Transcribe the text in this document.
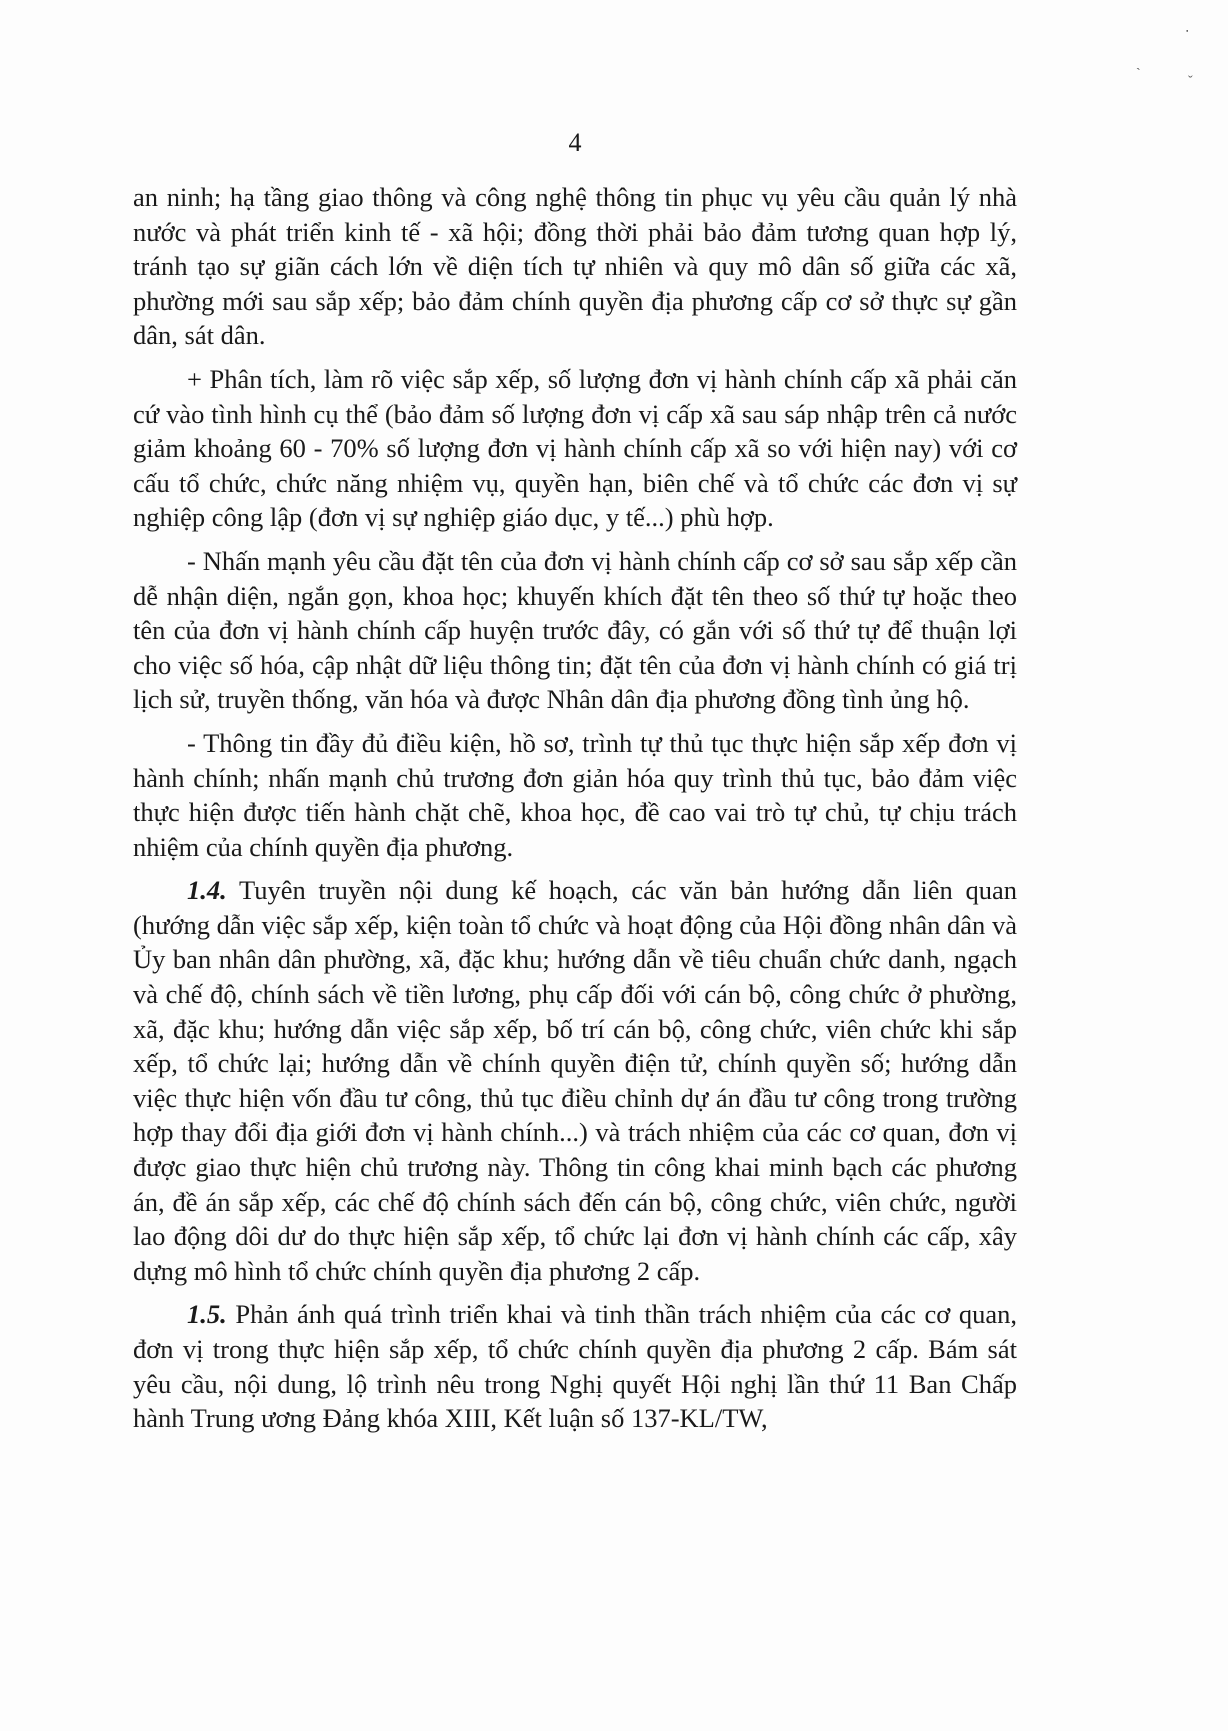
‧
ˏ
ˇ
4

an ninh; hạ tầng giao thông và công nghệ thông tin phục vụ yêu cầu quản lý nhà nước và phát triển kinh tế - xã hội; đồng thời phải bảo đảm tương quan hợp lý, tránh tạo sự giãn cách lớn về diện tích tự nhiên và quy mô dân số giữa các xã, phường mới sau sắp xếp; bảo đảm chính quyền địa phương cấp cơ sở thực sự gần dân, sát dân.

+ Phân tích, làm rõ việc sắp xếp, số lượng đơn vị hành chính cấp xã phải căn cứ vào tình hình cụ thể (bảo đảm số lượng đơn vị cấp xã sau sáp nhập trên cả nước giảm khoảng 60 - 70% số lượng đơn vị hành chính cấp xã so với hiện nay) với cơ cấu tổ chức, chức năng nhiệm vụ, quyền hạn, biên chế và tổ chức các đơn vị sự nghiệp công lập (đơn vị sự nghiệp giáo dục, y tế...) phù hợp.

- Nhấn mạnh yêu cầu đặt tên của đơn vị hành chính cấp cơ sở sau sắp xếp cần dễ nhận diện, ngắn gọn, khoa học; khuyến khích đặt tên theo số thứ tự hoặc theo tên của đơn vị hành chính cấp huyện trước đây, có gắn với số thứ tự để thuận lợi cho việc số hóa, cập nhật dữ liệu thông tin; đặt tên của đơn vị hành chính có giá trị lịch sử, truyền thống, văn hóa và được Nhân dân địa phương đồng tình ủng hộ.

- Thông tin đầy đủ điều kiện, hồ sơ, trình tự thủ tục thực hiện sắp xếp đơn vị hành chính; nhấn mạnh chủ trương đơn giản hóa quy trình thủ tục, bảo đảm việc thực hiện được tiến hành chặt chẽ, khoa học, đề cao vai trò tự chủ, tự chịu trách nhiệm của chính quyền địa phương.

1.4. Tuyên truyền nội dung kế hoạch, các văn bản hướng dẫn liên quan (hướng dẫn việc sắp xếp, kiện toàn tổ chức và hoạt động của Hội đồng nhân dân và Ủy ban nhân dân phường, xã, đặc khu; hướng dẫn về tiêu chuẩn chức danh, ngạch và chế độ, chính sách về tiền lương, phụ cấp đối với cán bộ, công chức ở phường, xã, đặc khu; hướng dẫn việc sắp xếp, bố trí cán bộ, công chức, viên chức khi sắp xếp, tổ chức lại; hướng dẫn về chính quyền điện tử, chính quyền số; hướng dẫn việc thực hiện vốn đầu tư công, thủ tục điều chỉnh dự án đầu tư công trong trường hợp thay đổi địa giới đơn vị hành chính...) và trách nhiệm của các cơ quan, đơn vị được giao thực hiện chủ trương này. Thông tin công khai minh bạch các phương án, đề án sắp xếp, các chế độ chính sách đến cán bộ, công chức, viên chức, người lao động dôi dư do thực hiện sắp xếp, tổ chức lại đơn vị hành chính các cấp, xây dựng mô hình tổ chức chính quyền địa phương 2 cấp.

1.5. Phản ánh quá trình triển khai và tinh thần trách nhiệm của các cơ quan, đơn vị trong thực hiện sắp xếp, tổ chức chính quyền địa phương 2 cấp. Bám sát yêu cầu, nội dung, lộ trình nêu trong Nghị quyết Hội nghị lần thứ 11 Ban Chấp hành Trung ương Đảng khóa XIII, Kết luận số 137-KL/TW,
